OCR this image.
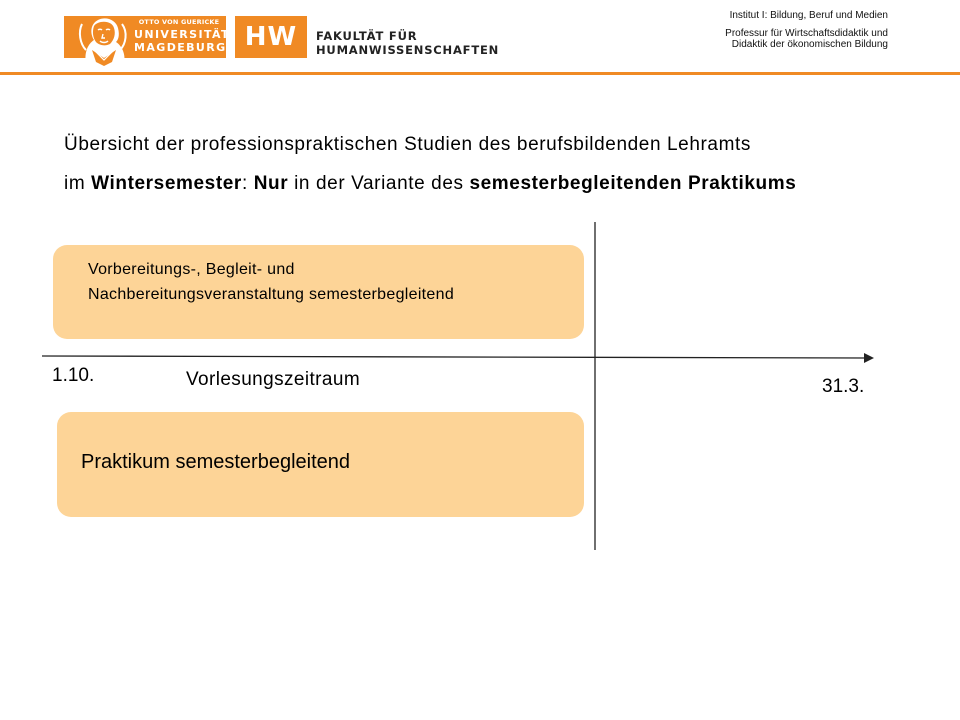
OTTO VON GUERICKE
UNIVERSITÄT
MAGDEBURG HW	FAKULTÄT FÜR
HUMANWISSENSCHAFTEN
Institut I: Bildung, Beruf und Medien
Professur für Wirtschaftsdidaktik und
Didaktik der ökonomischen Bildung
Übersicht der professionspraktischen Studien des berufsbildenden Lehramts
im Wintersemester: Nur in der Variante des semesterbegleitenden Praktikums
Vorbereitungs-, Begleit- und
Nachbereitungsveranstaltung semesterbegleitend
Praktikum semesterbegleitend
1.10.	Vorlesungszeitraum	31.3.
